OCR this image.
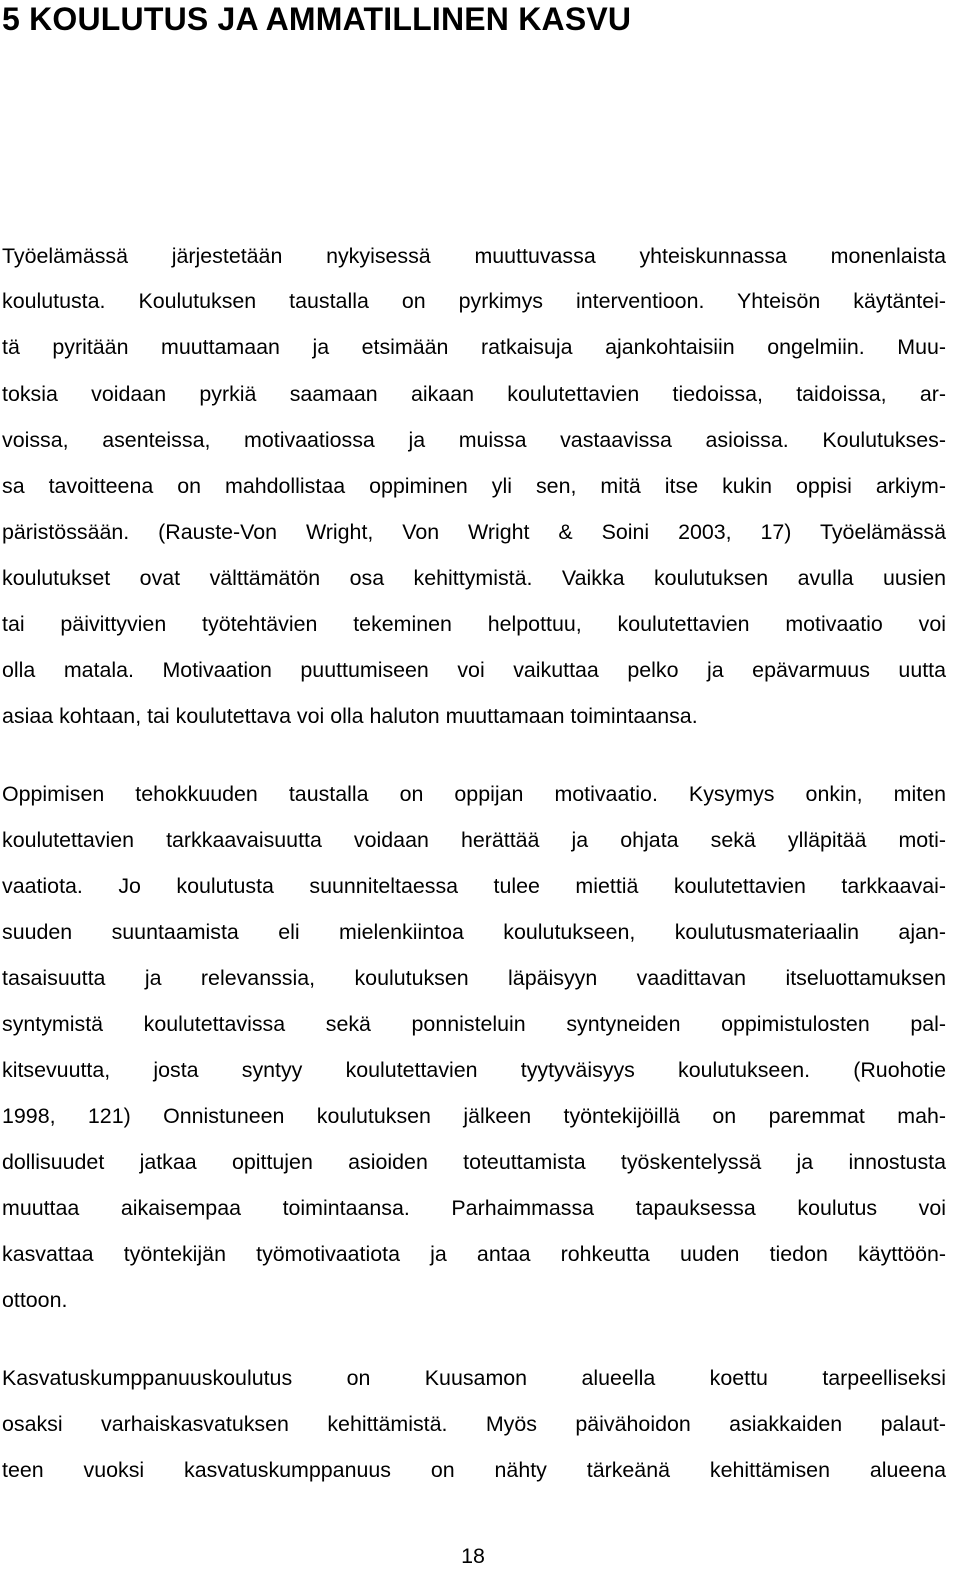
5 KOULUTUS JA AMMATILLINEN KASVU
Työelämässä järjestetään nykyisessä muuttuvassa yhteiskunnassa monenlaista
koulutusta. Koulutuksen taustalla on pyrkimys interventioon. Yhteisön käytäntei-
tä pyritään muuttamaan ja etsimään ratkaisuja ajankohtaisiin ongelmiin. Muu-
toksia voidaan pyrkiä saamaan aikaan koulutettavien tiedoissa, taidoissa, ar-
voissa, asenteissa, motivaatiossa ja muissa vastaavissa asioissa. Koulutukses-
sa tavoitteena on mahdollistaa oppiminen yli sen, mitä itse kukin oppisi arkiym-
päristössään. (Rauste-Von Wright, Von Wright & Soini 2003, 17) Työelämässä
koulutukset ovat välttämätön osa kehittymistä. Vaikka koulutuksen avulla uusien
tai päivittyvien työtehtävien tekeminen helpottuu, koulutettavien motivaatio voi
olla matala. Motivaation puuttumiseen voi vaikuttaa pelko ja epävarmuus uutta
asiaa kohtaan, tai koulutettava voi olla haluton muuttamaan toimintaansa.
Oppimisen tehokkuuden taustalla on oppijan motivaatio. Kysymys onkin, miten
koulutettavien tarkkaavaisuutta voidaan herättää ja ohjata sekä ylläpitää moti-
vaatiota. Jo koulutusta suunniteltaessa tulee miettiä koulutettavien tarkkaavai-
suuden suuntaamista eli mielenkiintoa koulutukseen, koulutusmateriaalin ajan-
tasaisuutta ja relevanssia, koulutuksen läpäisyyn vaadittavan itseluottamuksen
syntymistä koulutettavissa sekä ponnisteluin syntyneiden oppimistulosten pal-
kitsevuutta, josta syntyy koulutettavien tyytyväisyys koulutukseen. (Ruohotie
1998, 121) Onnistuneen koulutuksen jälkeen työntekijöillä on paremmat mah-
dollisuudet jatkaa opittujen asioiden toteuttamista työskentelyssä ja innostusta
muuttaa aikaisempaa toimintaansa. Parhaimmassa tapauksessa koulutus voi
kasvattaa työntekijän työmotivaatiota ja antaa rohkeutta uuden tiedon käyttöön-
ottoon.
Kasvatuskumppanuuskoulutus on Kuusamon alueella koettu tarpeelliseksi
osaksi varhaiskasvatuksen kehittämistä. Myös päivähoidon asiakkaiden palaut-
teen vuoksi kasvatuskumppanuus on nähty tärkeänä kehittämisen alueena
18
